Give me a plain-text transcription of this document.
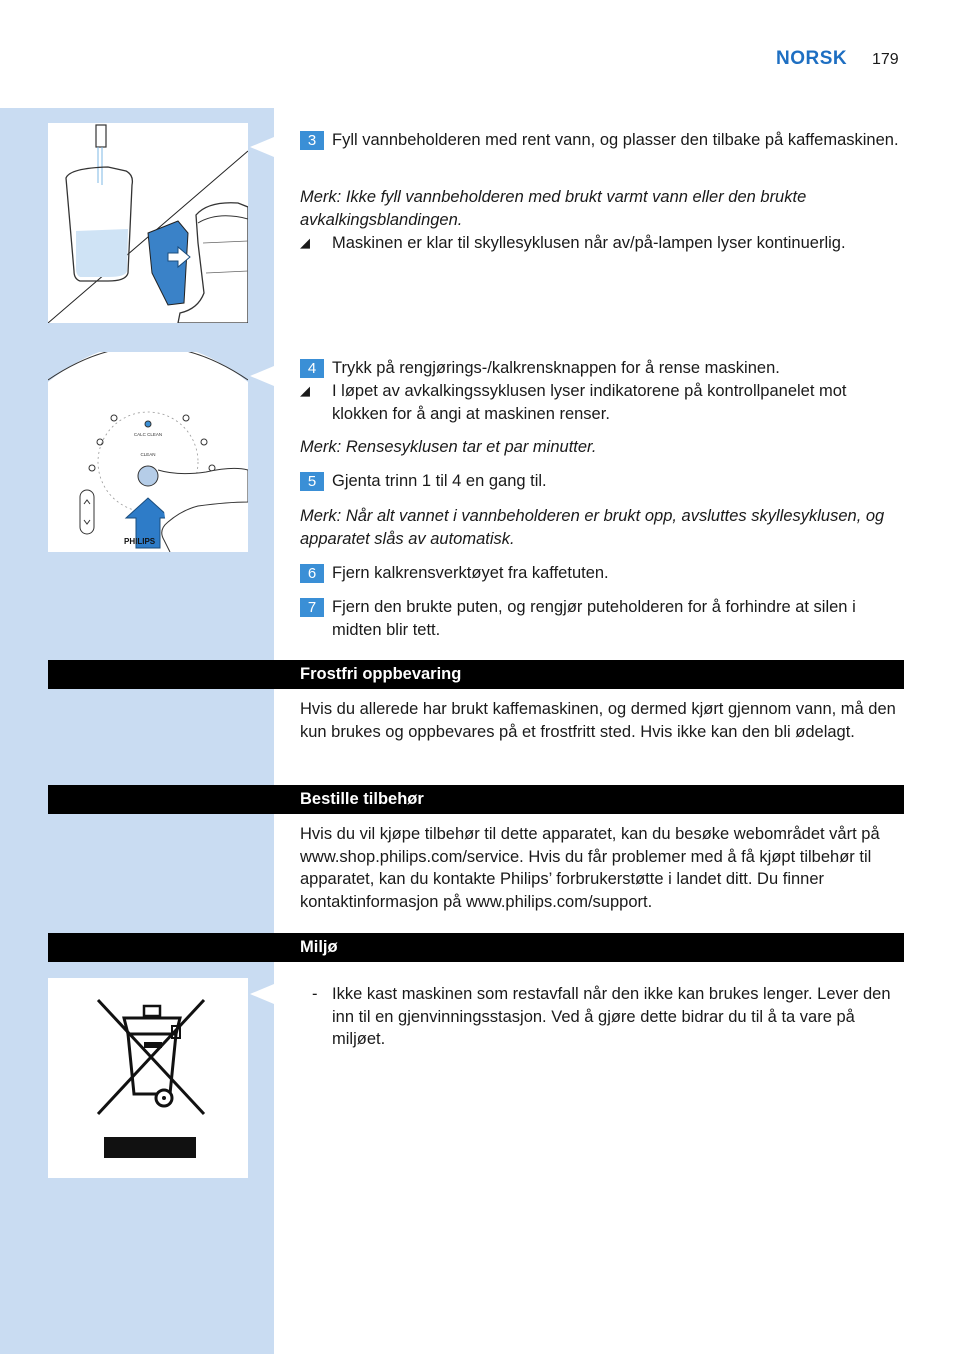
NORSK 179
3 Fyll vannbeholderen med rent vann, og plasser den tilbake på kaffemaskinen.
Merk: Ikke fyll vannbeholderen med brukt varmt vann eller den brukte avkalkingsblandingen.
◢ Maskinen er klar til skyllesyklusen når av/på-lampen lyser kontinuerlig.
CALC CLEAN
CLEAN
PHILIPS
4 Trykk på rengjørings-/kalkrensknappen for å rense maskinen.
◢ I løpet av avkalkingssyklusen lyser indikatorene på kontrollpanelet mot klokken for å angi at maskinen renser.
Merk: Rensesyklusen tar et par minutter.
5 Gjenta trinn 1 til 4 en gang til.
Merk: Når alt vannet i vannbeholderen er brukt opp, avsluttes skyllesyklusen, og apparatet slås av automatisk.
6 Fjern kalkrensverktøyet fra kaffetuten.
7 Fjern den brukte puten, og rengjør puteholderen for å forhindre at silen i midten blir tett.
Frostfri oppbevaring
Hvis du allerede har brukt kaffemaskinen, og dermed kjørt gjennom vann, må den kun brukes og oppbevares på et frostfritt sted. Hvis ikke kan den bli ødelagt.
Bestille tilbehør
Hvis du vil kjøpe tilbehør til dette apparatet, kan du besøke webområdet vårt på www.shop.philips.com/service. Hvis du får problemer med å få kjøpt tilbehør til apparatet, kan du kontakte Philips’ forbrukerstøtte i landet ditt. Du finner kontaktinformasjon på www.philips.com/support.
Miljø
- Ikke kast maskinen som restavfall når den ikke kan brukes lenger. Lever den inn til en gjenvinningsstasjon. Ved å gjøre dette bidrar du til å ta vare på miljøet.
